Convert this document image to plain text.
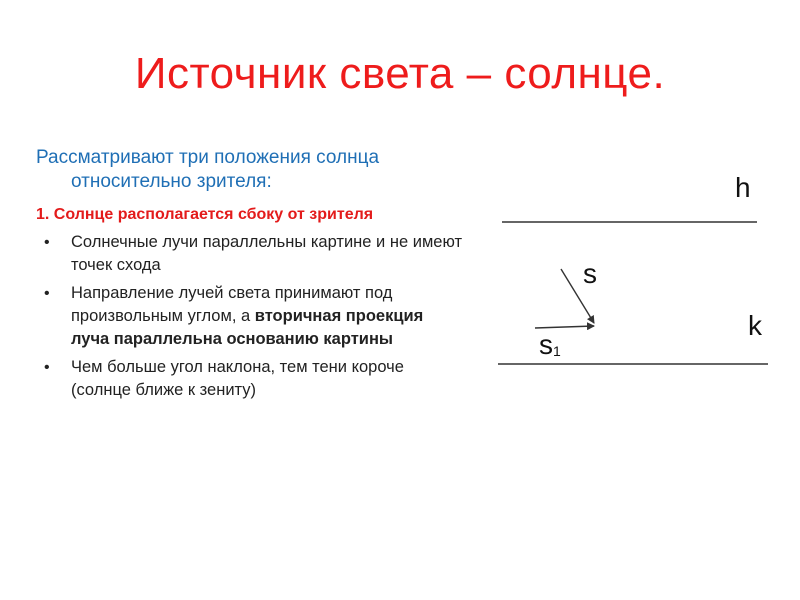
Источник света – солнце.

Рассматривают три положения солнца относительно зрителя:

1. Солнце располагается сбоку от зрителя

• Солнечные лучи параллельны картине и не имеют точек схода
• Направление лучей света принимают под произвольным углом, а вторичная проекция луча параллельна основанию картины
• Чем больше угол наклона, тем тени короче (солнце ближе к зениту)
h
k
s
$s_1$
